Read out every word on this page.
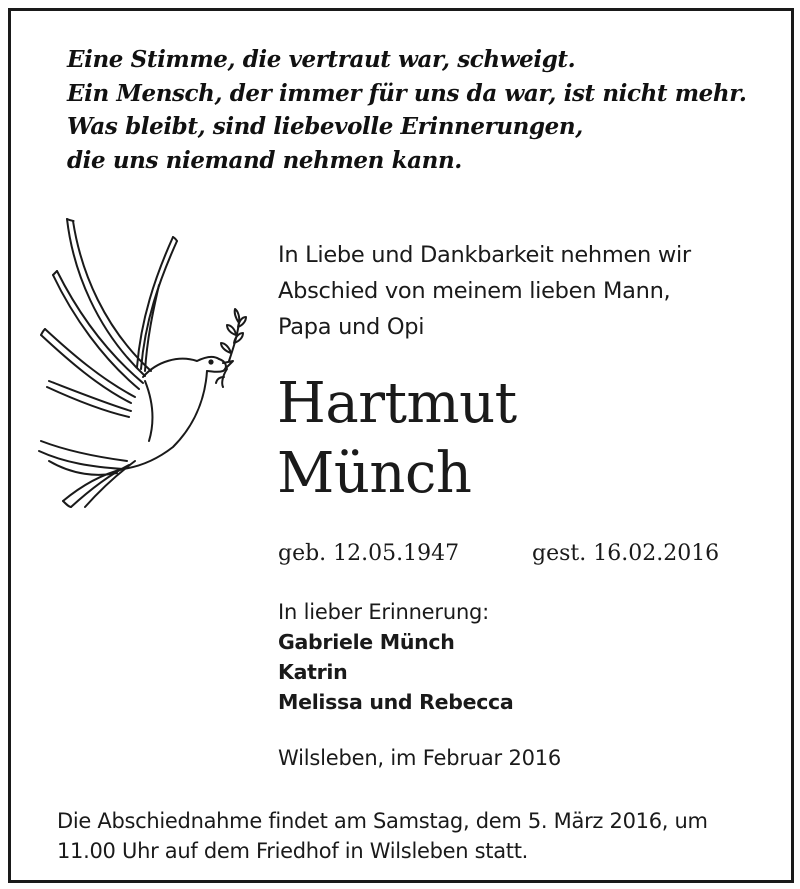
Eine Stimme, die vertraut war, schweigt.
Ein Mensch, der immer für uns da war, ist nicht mehr.
Was bleibt, sind liebevolle Erinnerungen,
die uns niemand nehmen kann.
In Liebe und Dankbarkeit nehmen wir
Abschied von meinem lieben Mann,
Papa und Opi
Hartmut
Münch
geb. 12.05.1947	gest. 16.02.2016
In lieber Erinnerung:
Gabriele Münch
Katrin
Melissa und Rebecca
Wilsleben, im Februar 2016
Die Abschiednahme findet am Samstag, dem 5. März 2016, um
11.00 Uhr auf dem Friedhof in Wilsleben statt.
